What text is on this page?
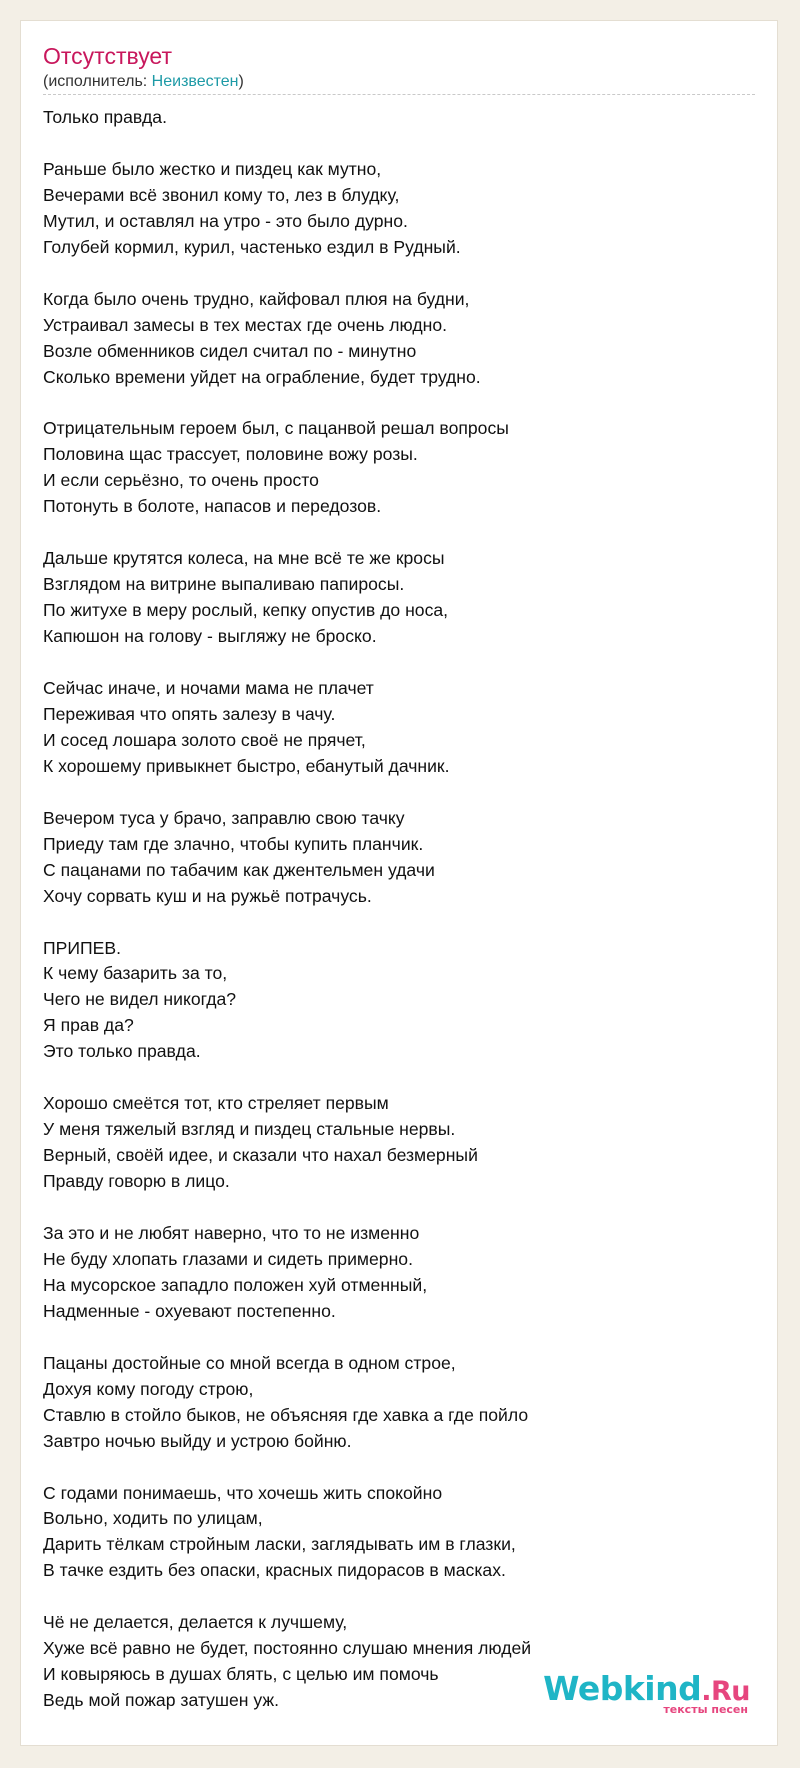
Отсутствует
(исполнитель: Неизвестен)
Только правда.

Раньше было жестко и пиздец как мутно,
Вечерами всё звонил кому то, лез в блудку,
Мутил, и оставлял на утро - это было дурно.
Голубей кормил, курил, частенько ездил в Рудный.

Когда было очень трудно, кайфовал плюя на будни,
Устраивал замесы в тех местах где очень людно.
Возле обменников сидел считал по - минутно
Сколько времени уйдет на ограбление, будет трудно.

Отрицательным героем был, с пацанвой решал вопросы
Половина щас трассует, половине вожу розы.
И если серьёзно, то очень просто
Потонуть в болоте, напасов и передозов.

Дальше крутятся колеса, на мне всё те же кросы
Взглядом на витрине выпаливаю папиросы.
По житухе в меру рослый, кепку опустив до носа,
Капюшон на голову - выгляжу не броско.

Сейчас иначе, и ночами мама не плачет
Переживая что опять залезу в чачу.
И сосед лошара золото своё не прячет,
К хорошему привыкнет быстро, ебанутый дачник.

Вечером туса у брачо, заправлю свою тачку
Приеду там где злачно, чтобы купить планчик.
С пацанами по табачим как джентельмен удачи
Хочу сорвать куш и на ружьё потрачусь.

ПРИПЕВ.
К чему базарить за то,
Чего не видел никогда?
Я прав да?
Это только правда.

Хорошо смеётся тот, кто стреляет первым
У меня тяжелый взгляд и пиздец стальные нервы.
Верный, своёй идее, и сказали что нахал безмерный
Правду говорю в лицо.

За это и не любят наверно, что то не изменно
Не буду хлопать глазами и сидеть примерно.
На мусорское западло положен хуй отменный,
Надменные - охуевают постепенно.

Пацаны достойные со мной всегда в одном строе,
Дохуя кому погоду строю,
Ставлю в стойло быков, не объясняя где хавка а где пойло
Завтро ночью выйду и устрою бойню.

С годами понимаешь, что хочешь жить спокойно
Вольно, ходить по улицам,
Дарить тёлкам стройным ласки, заглядывать им в глазки,
В тачке ездить без опаски, красных пидорасов в масках.

Чё не делается, делается к лучшему,
Хуже всё равно не будет, постоянно слушаю мнения людей
И ковыряюсь в душах блять, с целью им помочь
Ведь мой пожар затушен уж.	Webkind.Ru
тексты песен
